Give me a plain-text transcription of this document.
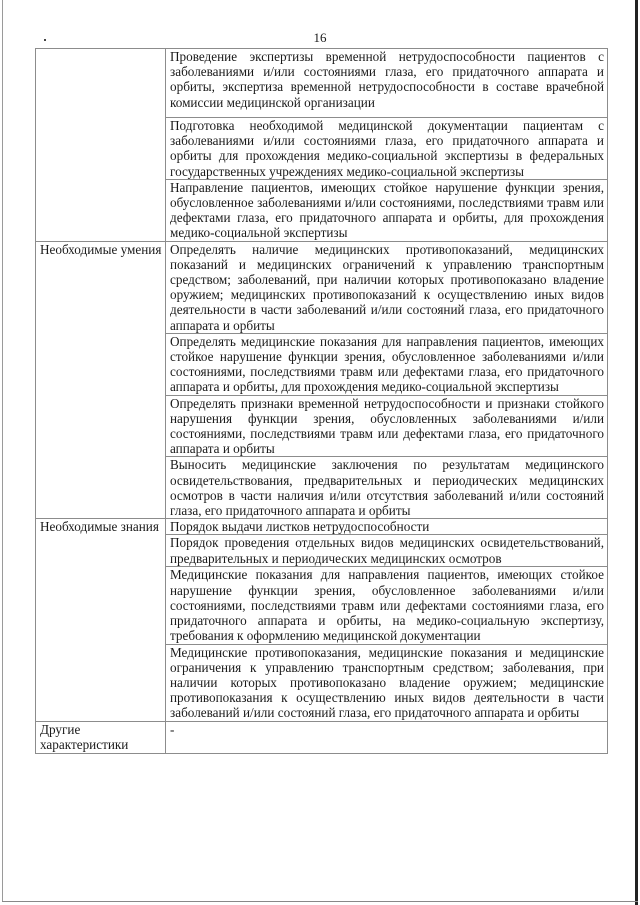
16
	Проведение экспертизы временной нетрудоспособности пациентов с заболеваниями и/или состояниями глаза, его придаточного аппарата и орбиты, экспертиза временной нетрудоспособности в составе врачебной комиссии медицинской организации
	Подготовка необходимой медицинской документации пациентам с заболеваниями и/или состояниями глаза, его придаточного аппарата и орбиты для прохождения медико-социальной экспертизы в федеральных государственных учреждениях медико-социальной экспертизы
	Направление пациентов, имеющих стойкое нарушение функции зрения, обусловленное заболеваниями и/или состояниями, последствиями травм или дефектами глаза, его придаточного аппарата и орбиты, для прохождения медико-социальной экспертизы
Необходимые умения	Определять наличие медицинских противопоказаний, медицинских показаний и медицинских ограничений к управлению транспортным средством; заболеваний, при наличии которых противопоказано владение оружием; медицинских противопоказаний к осуществлению иных видов деятельности в части заболеваний и/или состояний глаза, его придаточного аппарата и орбиты
	Определять медицинские показания для направления пациентов, имеющих стойкое нарушение функции зрения, обусловленное заболеваниями и/или состояниями, последствиями травм или дефектами глаза, его придаточного аппарата и орбиты, для прохождения медико-социальной экспертизы
	Определять признаки временной нетрудоспособности и признаки стойкого нарушения функции зрения, обусловленных заболеваниями и/или состояниями, последствиями травм или дефектами глаза, его придаточного аппарата и орбиты
	Выносить медицинские заключения по результатам медицинского освидетельствования, предварительных и периодических медицинских осмотров в части наличия и/или отсутствия заболеваний и/или состояний глаза, его придаточного аппарата и орбиты
Необходимые знания	Порядок выдачи листков нетрудоспособности
	Порядок проведения отдельных видов медицинских освидетельствований, предварительных и периодических медицинских осмотров
	Медицинские показания для направления пациентов, имеющих стойкое нарушение функции зрения, обусловленное заболеваниями и/или состояниями, последствиями травм или дефектами состояниями глаза, его придаточного аппарата и орбиты, на медико-социальную экспертизу, требования к оформлению медицинской документации
	Медицинские противопоказания, медицинские показания и медицинские ограничения к управлению транспортным средством; заболевания, при наличии которых противопоказано владение оружием; медицинские противопоказания к осуществлению иных видов деятельности в части заболеваний и/или состояний глаза, его придаточного аппарата и орбиты
Другие характеристики	-
